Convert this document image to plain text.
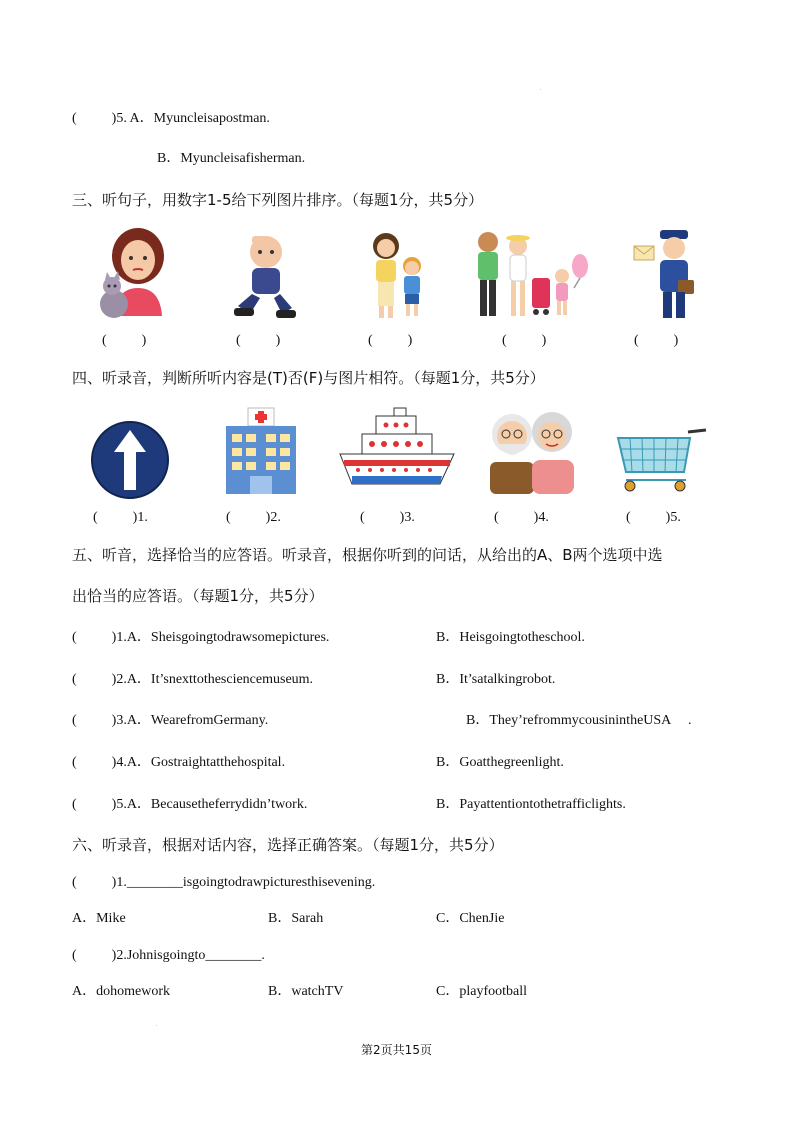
.
(          )5. A．Myuncleisapostman.
B．Myuncleisafisherman.
三、听句子，用数字1-5给下列图片排序。（每题1分，共5分）
(          )	(          )	(          )	(          )	(          )
四、听录音，判断所听内容是(T)否(F)与图片相符。（每题1分，共5分）
(          )1.	(          )2.	(          )3.	(          )4.	(          )5.
五、听音，选择恰当的应答语。听录音，根据你听到的问话，从给出的A、B两个选项中选
出恰当的应答语。（每题1分，共5分）
(          )1.A．Sheisgoingtodrawsomepictures.	B．Heisgoingtotheschool.
(          )2.A．It’snexttothesciencemuseum.	B．It’satalkingrobot.
(          )3.A．WearefromGermany.	B．They’refrommycousinintheUSA     .
(          )4.A．Gostraightatthehospital.	B．Goatthegreenlight.
(          )5.A．Becausetheferrydidn’twork.	B．Payattentiontothetrafficlights.
六、听录音，根据对话内容，选择正确答案。（每题1分，共5分）
(          )1.________isgoingtodrawpicturesthisevening.
A．Mike	B．Sarah	C．ChenJie
(          )2.Johnisgoingto________.
A．dohomework	B．watchTV	C．playfootball
.
第2页共15页
